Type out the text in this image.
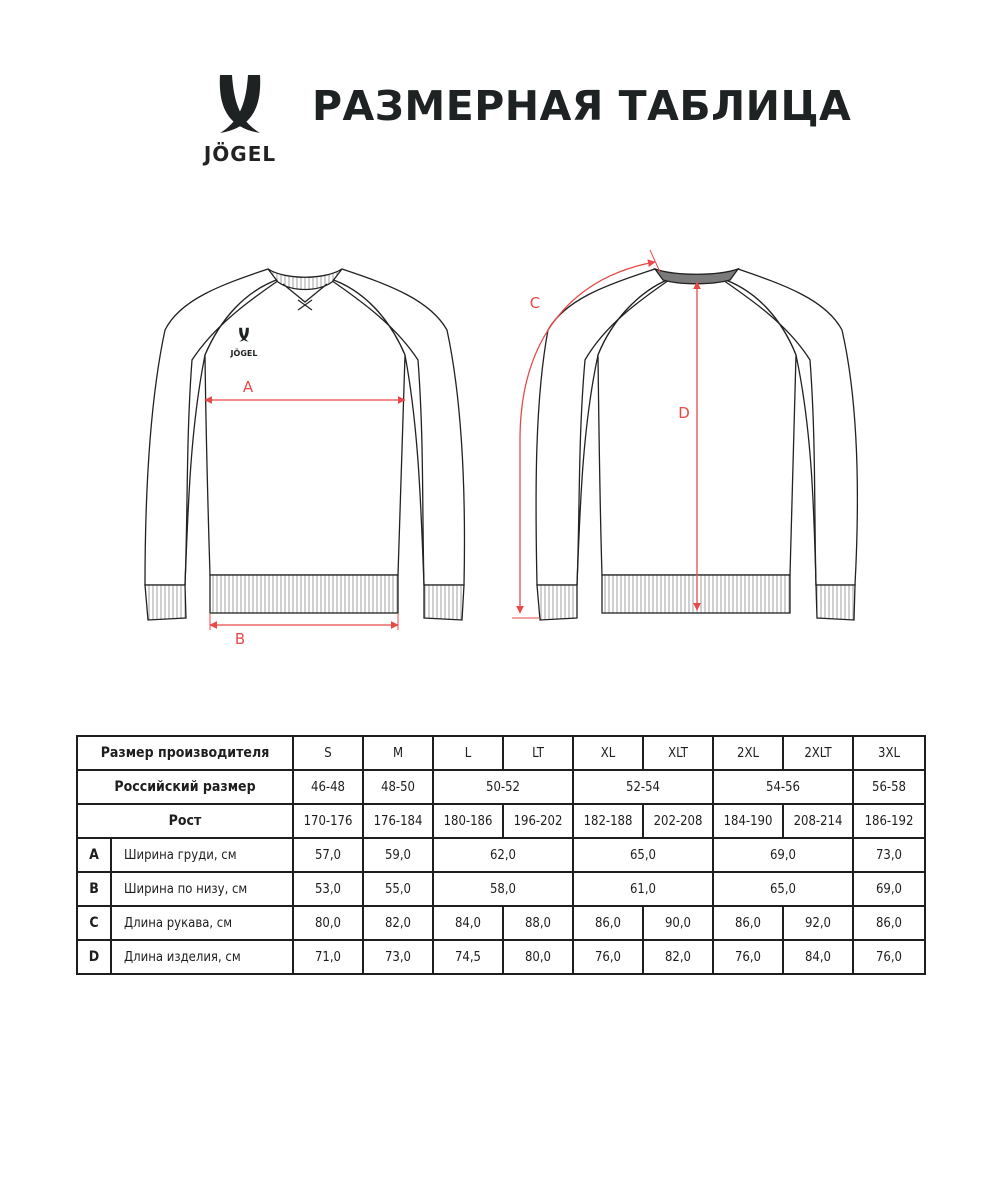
JÖGEL
РАЗМЕРНАЯ ТАБЛИЦА
JÖGEL
A
B
C
D
Размер производителя		S	M	L	LT	XL	XLT	2XL	2XLT	3XL
Российский размер		46-48	48-50	50-52		52-54		54-56		56-58
Рост		170-176	176-184	180-186	196-202	182-188	202-208	184-190	208-214	186-192
A	Ширина груди, см	57,0	59,0	62,0		65,0		69,0		73,0
B	Ширина по низу, см	53,0	55,0	58,0		61,0		65,0		69,0
C	Длина рукава, см	80,0	82,0	84,0	88,0	86,0	90,0	86,0	92,0	86,0
D	Длина изделия, см	71,0	73,0	74,5	80,0	76,0	82,0	76,0	84,0	76,0
